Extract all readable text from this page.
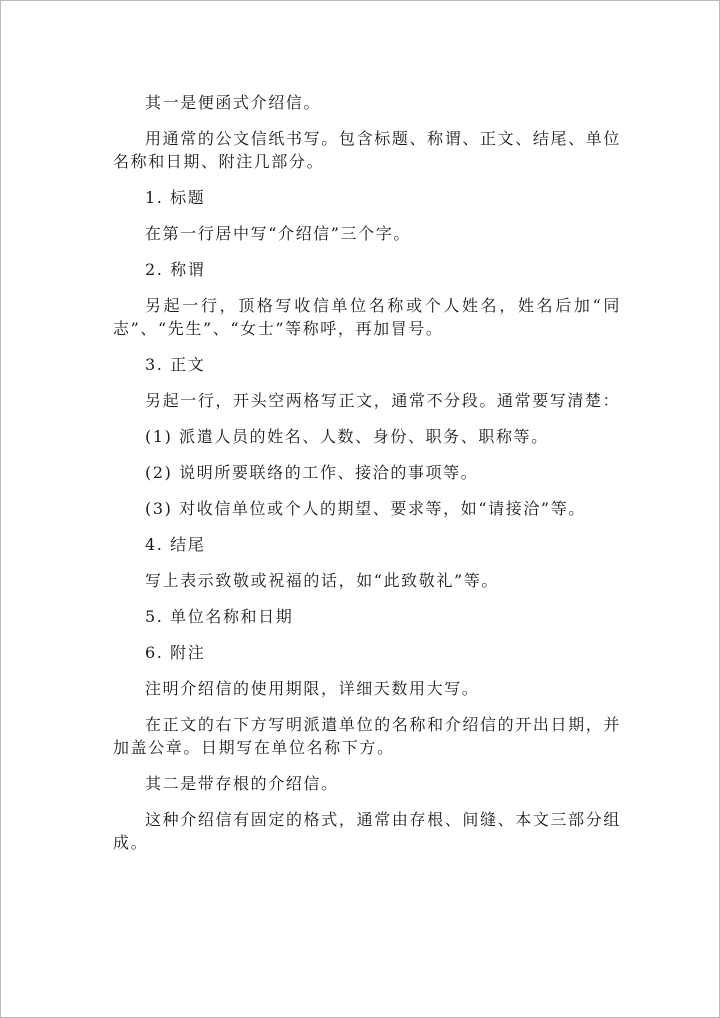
其一是便函式介绍信。

用通常的公文信纸书写。包含标题、称谓、正文、结尾、单位名称和日期、附注几部分。

1. 标题

在第一行居中写“介绍信”三个字。

2. 称谓

另起一行，顶格写收信单位名称或个人姓名，姓名后加“同志”、“先生”、“女士”等称呼，再加冒号。

3. 正文

另起一行，开头空两格写正文，通常不分段。通常要写清楚：

(1) 派遣人员的姓名、人数、身份、职务、职称等。

(2) 说明所要联络的工作、接洽的事项等。

(3) 对收信单位或个人的期望、要求等，如“请接洽”等。

4. 结尾

写上表示致敬或祝福的话，如“此致敬礼”等。

5. 单位名称和日期

6. 附注

注明介绍信的使用期限，详细天数用大写。

在正文的右下方写明派遣单位的名称和介绍信的开出日期，并加盖公章。日期写在单位名称下方。

其二是带存根的介绍信。

这种介绍信有固定的格式，通常由存根、间缝、本文三部分组成。
